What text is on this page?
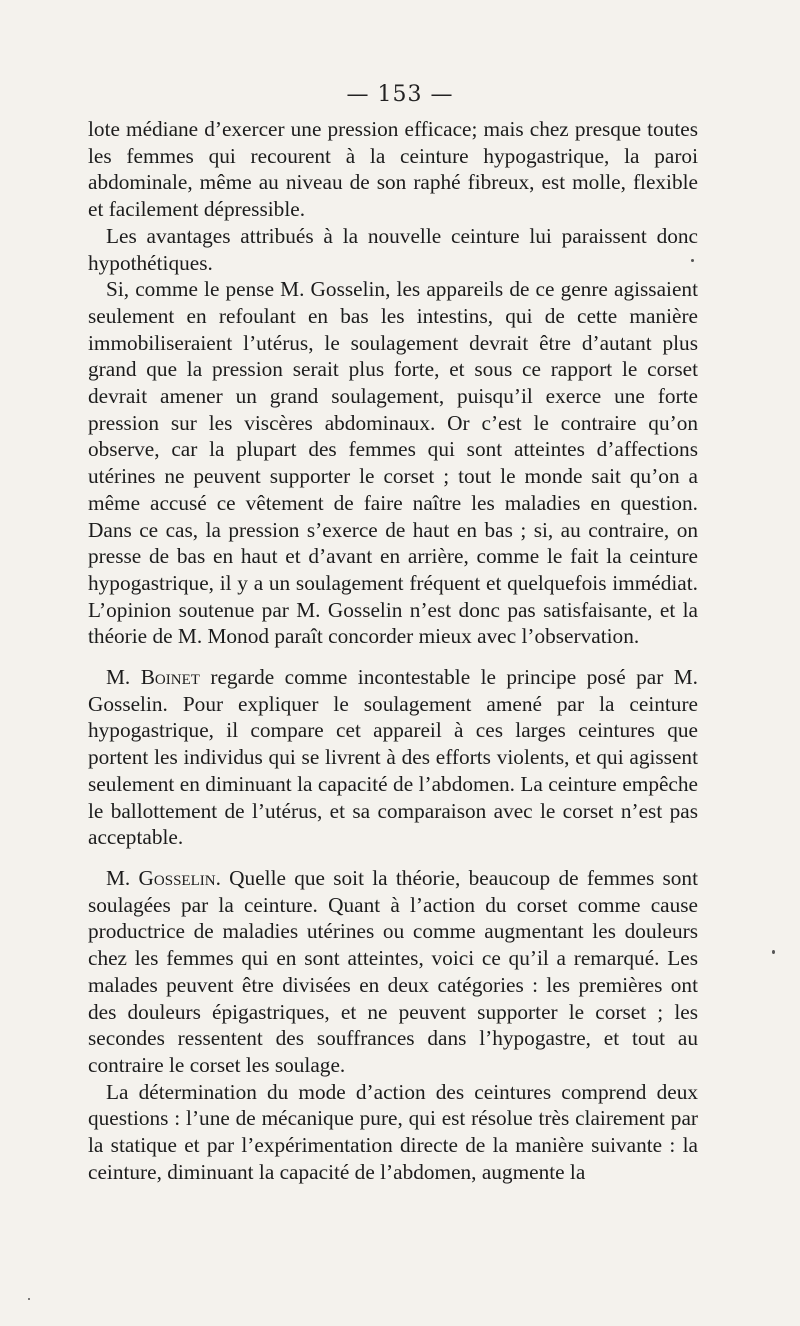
— 153 —

lote médiane d’exercer une pression efficace; mais chez presque toutes les femmes qui recourent à la ceinture hypogastrique, la paroi abdominale, même au niveau de son raphé fibreux, est molle, flexible et facilement dépressible.

Les avantages attribués à la nouvelle ceinture lui paraissent donc hypothétiques.

Si, comme le pense M. Gosselin, les appareils de ce genre agissaient seulement en refoulant en bas les intestins, qui de cette manière immobiliseraient l’utérus, le soulagement devrait être d’autant plus grand que la pression serait plus forte, et sous ce rapport le corset devrait amener un grand soulagement, puisqu’il exerce une forte pression sur les viscères abdominaux. Or c’est le contraire qu’on observe, car la plupart des femmes qui sont atteintes d’affections utérines ne peuvent supporter le corset ; tout le monde sait qu’on a même accusé ce vêtement de faire naître les maladies en question. Dans ce cas, la pression s’exerce de haut en bas ; si, au contraire, on presse de bas en haut et d’avant en arrière, comme le fait la ceinture hypogastrique, il y a un soulagement fréquent et quelquefois immédiat. L’opinion soutenue par M. Gosselin n’est donc pas satisfaisante, et la théorie de M. Monod paraît concorder mieux avec l’observation.

M. Boinet regarde comme incontestable le principe posé par M. Gosselin. Pour expliquer le soulagement amené par la ceinture hypogastrique, il compare cet appareil à ces larges ceintures que portent les individus qui se livrent à des efforts violents, et qui agissent seulement en diminuant la capacité de l’abdomen. La ceinture empêche le ballottement de l’utérus, et sa comparaison avec le corset n’est pas acceptable.

M. Gosselin. Quelle que soit la théorie, beaucoup de femmes sont soulagées par la ceinture. Quant à l’action du corset comme cause productrice de maladies utérines ou comme augmentant les douleurs chez les femmes qui en sont atteintes, voici ce qu’il a remarqué. Les malades peuvent être divisées en deux catégories : les premières ont des douleurs épigastriques, et ne peuvent supporter le corset ; les secondes ressentent des souffrances dans l’hypogastre, et tout au contraire le corset les soulage.

La détermination du mode d’action des ceintures comprend deux questions : l’une de mécanique pure, qui est résolue très clairement par la statique et par l’expérimentation directe de la manière suivante : la ceinture, diminuant la capacité de l’abdomen, augmente la
